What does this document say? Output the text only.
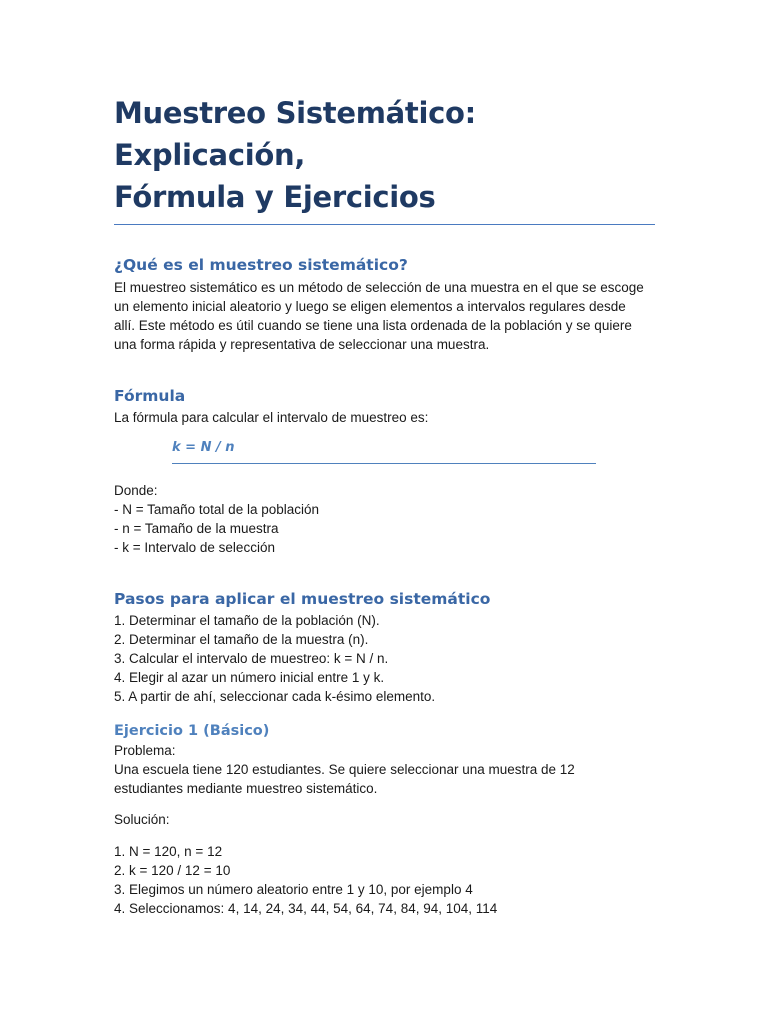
Muestreo Sistemático: Explicación,
Fórmula y Ejercicios
¿Qué es el muestreo sistemático?

El muestreo sistemático es un método de selección de una muestra en el que se escoge

un elemento inicial aleatorio y luego se eligen elementos a intervalos regulares desde

allí. Este método es útil cuando se tiene una lista ordenada de la población y se quiere

una forma rápida y representativa de seleccionar una muestra.

Fórmula

La fórmula para calcular el intervalo de muestreo es:

k = N / n

Donde:

- N = Tamaño total de la población

- n = Tamaño de la muestra

- k = Intervalo de selección

Pasos para aplicar el muestreo sistemático

1. Determinar el tamaño de la población (N).

2. Determinar el tamaño de la muestra (n).

3. Calcular el intervalo de muestreo: k = N / n.

4. Elegir al azar un número inicial entre 1 y k.

5. A partir de ahí, seleccionar cada k-ésimo elemento.

Ejercicio 1 (Básico)

Problema:

Una escuela tiene 120 estudiantes. Se quiere seleccionar una muestra de 12

estudiantes mediante muestreo sistemático.

Solución:

1. N = 120, n = 12

2. k = 120 / 12 = 10

3. Elegimos un número aleatorio entre 1 y 10, por ejemplo 4

4. Seleccionamos: 4, 14, 24, 34, 44, 54, 64, 74, 84, 94, 104, 114
